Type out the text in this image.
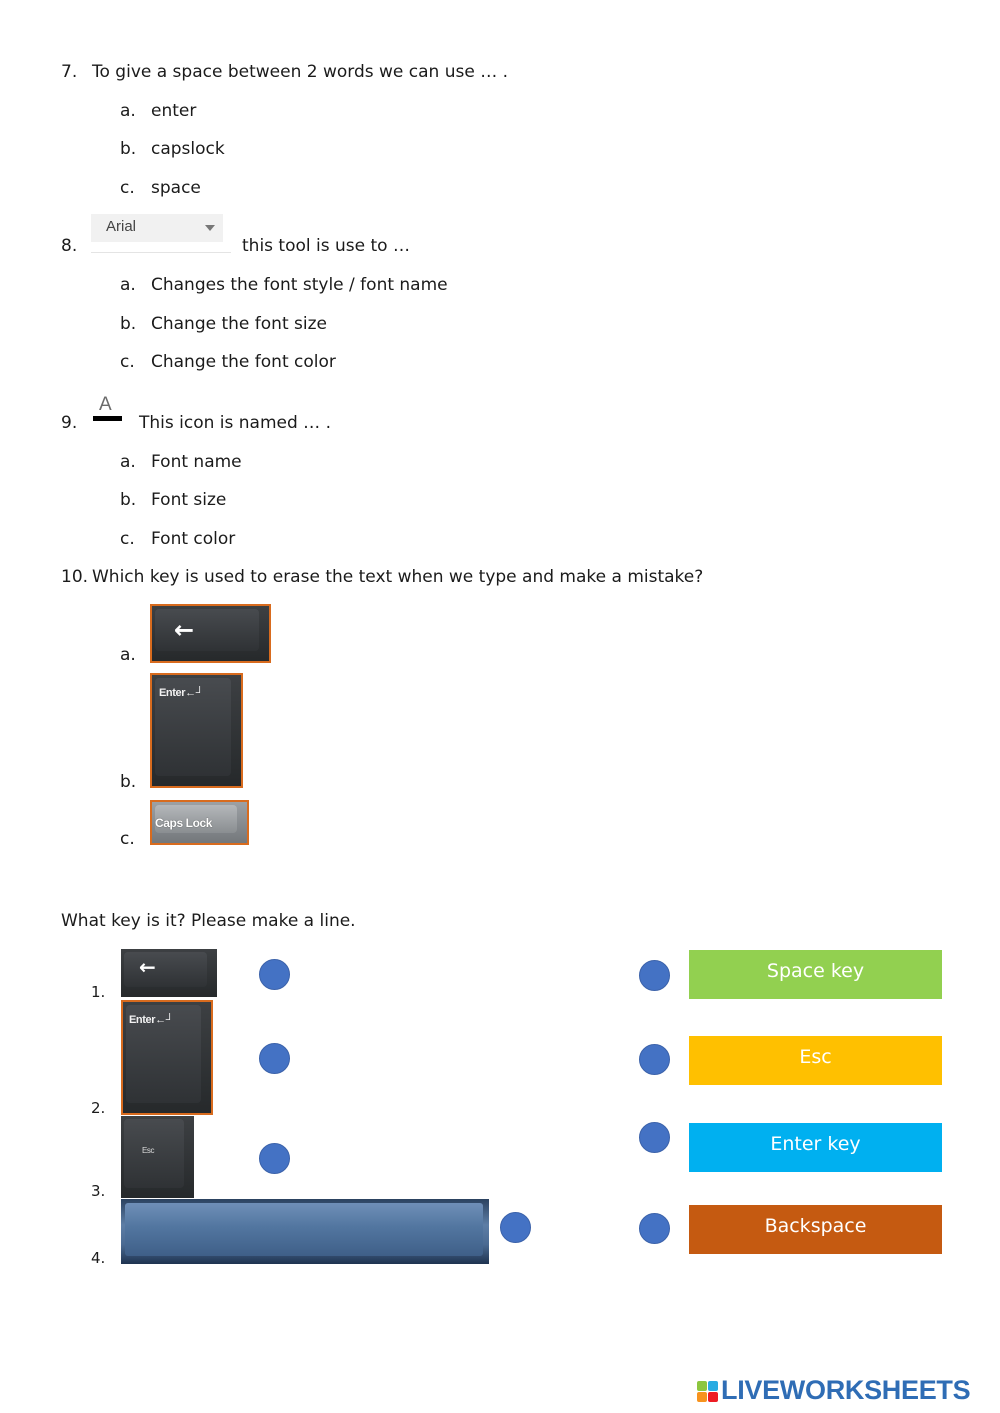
7. To give a space between 2 words we can use … .
a. enter
b. capslock
c. space
Arial
8.	this tool is use to …
a. Changes the font style / font name
b. Change the font size
c. Change the font color
A
9.	This icon is named … .
a. Font name
b. Font size
c. Font color
10. Which key is used to erase the text when we type and make a mistake?
a.
←
b.
Enter←┘
c.
Caps Lock
What key is it? Please make a line.
1.
←
2.
Enter←┘
3.
Esc
4.
Space key
Esc
Enter key
Backspace
LIVEWORKSHEETS
